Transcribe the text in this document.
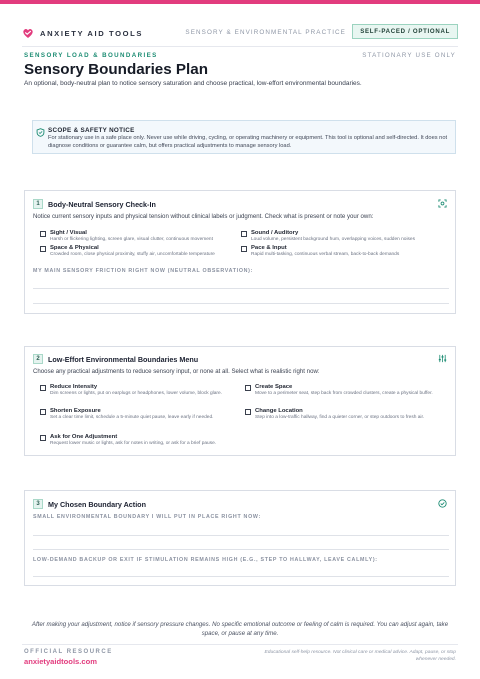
ANXIETY AID TOOLS	SENSORY & ENVIRONMENTAL PRACTICE	SELF-PACED / OPTIONAL
SENSORY LOAD & BOUNDARIES	STATIONARY USE ONLY
Sensory Boundaries Plan

An optional, body-neutral plan to notice sensory saturation and choose practical, low-effort environmental boundaries.

SCOPE & SAFETY NOTICE
For stationary use in a safe place only. Never use while driving, cycling, or operating machinery or equipment. This tool is optional and self-directed. It does not diagnose conditions or guarantee calm, but offers practical adjustments to manage sensory load.
1	Body-Neutral Sensory Check-In
Notice current sensory inputs and physical tension without clinical labels or judgment. Check what is present or note your own:
Sight / Visual
Harsh or flickering lighting, screen glare, visual clutter, continuous movement
Sound / Auditory
Loud volume, persistent background hum, overlapping voices, sudden noises
Space & Physical
Crowded room, close physical proximity, stuffy air, uncomfortable temperature
Pace & Input
Rapid multi-tasking, continuous verbal stream, back-to-back demands
MY MAIN SENSORY FRICTION RIGHT NOW (NEUTRAL OBSERVATION):
2	Low-Effort Environmental Boundaries Menu
Choose any practical adjustments to reduce sensory input, or none at all. Select what is realistic right now:
Reduce Intensity
Dim screens or lights, put on earplugs or headphones, lower volume, block glare.
Create Space
Move to a perimeter seat, step back from crowded clusters, create a physical buffer.
Shorten Exposure
Set a clear time limit, schedule a 5-minute quiet pause, leave early if needed.
Change Location
Step into a low-traffic hallway, find a quieter corner, or step outdoors to fresh air.
Ask for One Adjustment
Request lower music or lights, ask for notes in writing, or ask for a brief pause.
3	My Chosen Boundary Action
SMALL ENVIRONMENTAL BOUNDARY I WILL PUT IN PLACE RIGHT NOW:
LOW-DEMAND BACKUP OR EXIT IF STIMULATION REMAINS HIGH (E.G., STEP TO HALLWAY, LEAVE CALMLY):

After making your adjustment, notice if sensory pressure changes. No specific emotional outcome or feeling of calm is required. You can adjust again, take space, or pause at any time.

OFFICIAL RESOURCE
anxietyaidtools.com
Educational self-help resource. Not clinical care or medical advice. Adapt, pause, or stop whenever needed.
